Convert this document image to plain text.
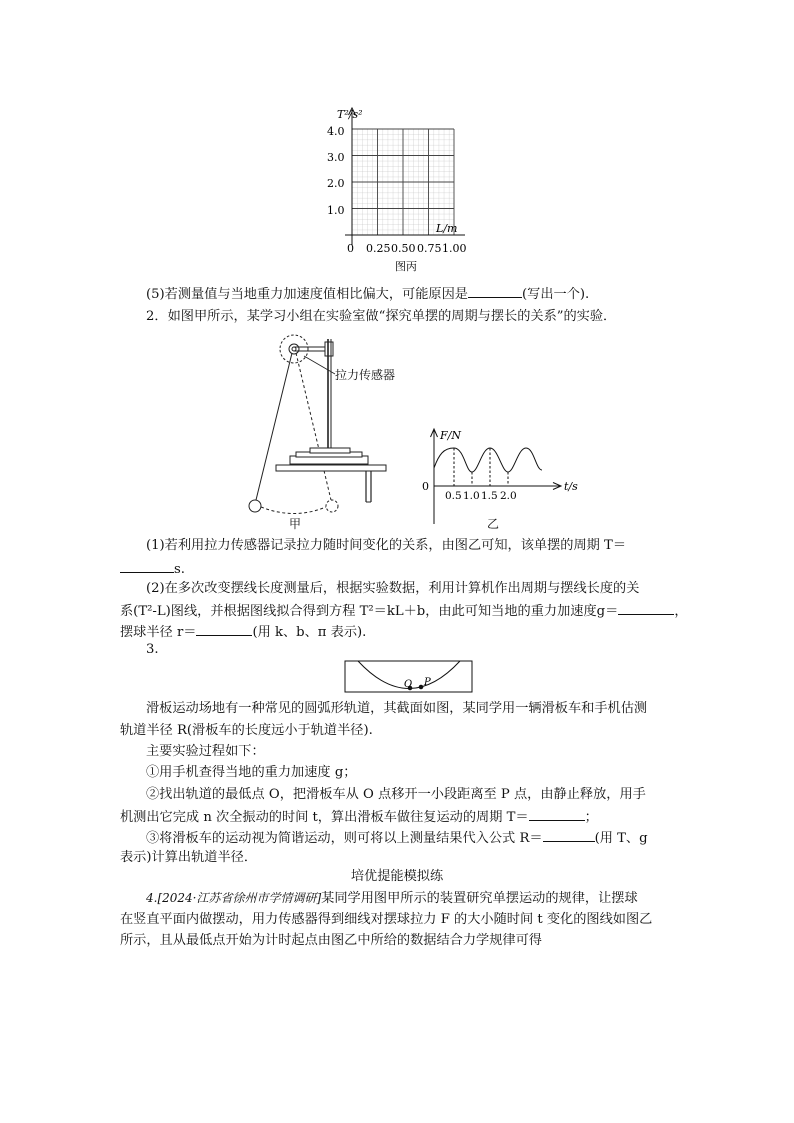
T²/s²
L/m
4.0
3.0
2.0
1.0
0 0.25 0.50 0.75 1.00
图丙
(5)若测量值与当地重力加速度值相比偏大，可能原因是	(写出一个).
2．如图甲所示，某学习小组在实验室做“探究单摆的周期与摆长的关系”的实验．
拉力传感器
甲
F/N
t/s
0
0.5 1.0 1.5 2.0
乙
(1)若利用拉力传感器记录拉力随时间变化的关系，由图乙可知，该单摆的周期 T＝
s.
(2)在多次改变摆线长度测量后，根据实验数据，利用计算机作出周期与摆线长度的关
系(T²-L)图线，并根据图线拟合得到方程 T²＝kL＋b，由此可知当地的重力加速度g＝	，
摆球半径 r＝	(用 k、b、π 表示).
3.
O P
滑板运动场地有一种常见的圆弧形轨道，其截面如图，某同学用一辆滑板车和手机估测
轨道半径 R(滑板车的长度远小于轨道半径).
主要实验过程如下：
①用手机查得当地的重力加速度 g；
②找出轨道的最低点 O，把滑板车从 O 点移开一小段距离至 P 点，由静止释放，用手
机测出它完成 n 次全振动的时间 t，算出滑板车做往复运动的周期 T＝	；
③将滑板车的运动视为简谐运动，则可将以上测量结果代入公式 R＝	(用 T、g
表示)计算出轨道半径．
培优提能模拟练
4.[2024·江苏省徐州市学情调研]某同学用图甲所示的装置研究单摆运动的规律，让摆球
在竖直平面内做摆动，用力传感器得到细线对摆球拉力 F 的大小随时间 t 变化的图线如图乙
所示，且从最低点开始为计时起点由图乙中所给的数据结合力学规律可得
